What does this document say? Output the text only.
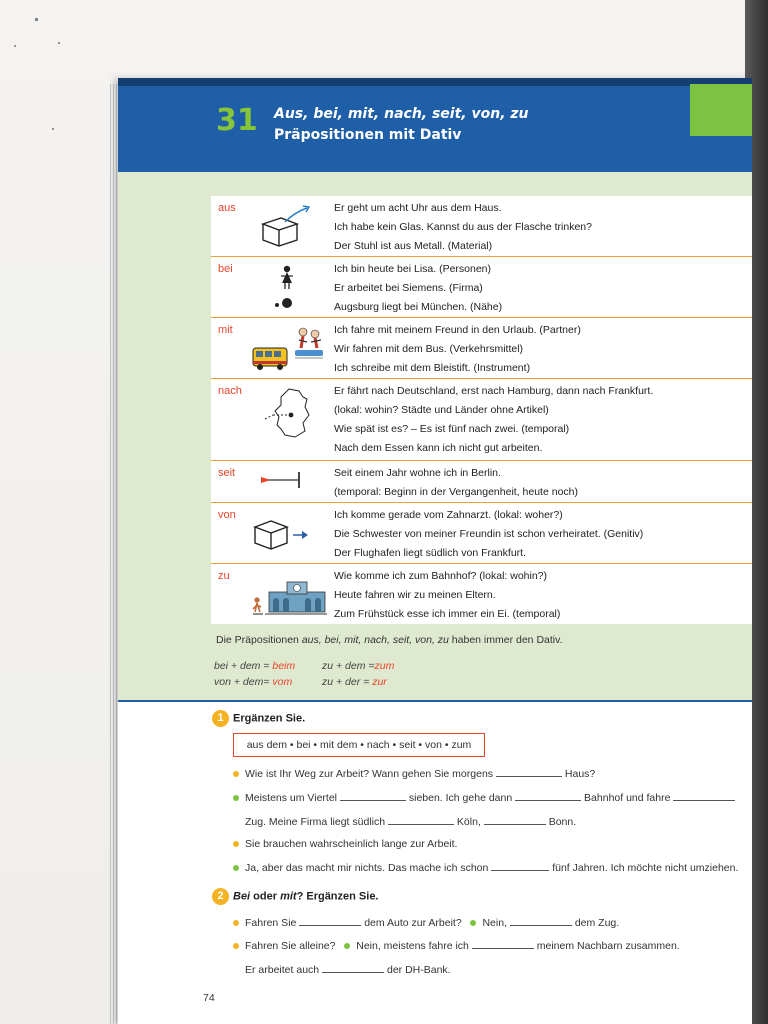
31 Aus, bei, mit, nach, seit, von, zu
Präpositionen mit Dativ
aus	Er geht um acht Uhr aus dem Haus.
Ich habe kein Glas. Kannst du aus der Flasche trinken?
Der Stuhl ist aus Metall. (Material)
bei	Ich bin heute bei Lisa. (Personen)
Er arbeitet bei Siemens. (Firma)
Augsburg liegt bei München. (Nähe)
mit	Ich fahre mit meinem Freund in den Urlaub. (Partner)
Wir fahren mit dem Bus. (Verkehrsmittel)
Ich schreibe mit dem Bleistift. (Instrument)
nach	Er fährt nach Deutschland, erst nach Hamburg, dann nach Frankfurt.
(lokal: wohin? Städte und Länder ohne Artikel)
Wie spät ist es? – Es ist fünf nach zwei. (temporal)
Nach dem Essen kann ich nicht gut arbeiten.
seit	Seit einem Jahr wohne ich in Berlin.
(temporal: Beginn in der Vergangenheit, heute noch)
von	Ich komme gerade vom Zahnarzt. (lokal: woher?)
Die Schwester von meiner Freundin ist schon verheiratet. (Genitiv)
Der Flughafen liegt südlich von Frankfurt.
zu	Wie komme ich zum Bahnhof? (lokal: wohin?)
Heute fahren wir zu meinen Eltern.
Zum Frühstück esse ich immer ein Ei. (temporal)
Die Präpositionen aus, bei, mit, nach, seit, von, zu haben immer den Dativ.
bei + dem = beim
von + dem= vom
zu + dem =zum
zu + der = zur
1 Ergänzen Sie.
aus dem • bei • mit dem • nach • seit • von • zum
Wie ist Ihr Weg zur Arbeit? Wann gehen Sie morgens	Haus?
Meistens um Viertel	sieben. Ich gehe dann	Bahnhof und fahre
Zug. Meine Firma liegt südlich	Köln,	Bonn.
Sie brauchen wahrscheinlich lange zur Arbeit.
Ja, aber das macht mir nichts. Das mache ich schon	fünf Jahren. Ich möchte nicht umziehen.
2 Bei oder mit? Ergänzen Sie.
Fahren Sie	dem Auto zur Arbeit? Nein,	dem Zug.
Fahren Sie alleine? Nein, meistens fahre ich	meinem Nachbarn zusammen.
Er arbeitet auch	der DH-Bank.
74
